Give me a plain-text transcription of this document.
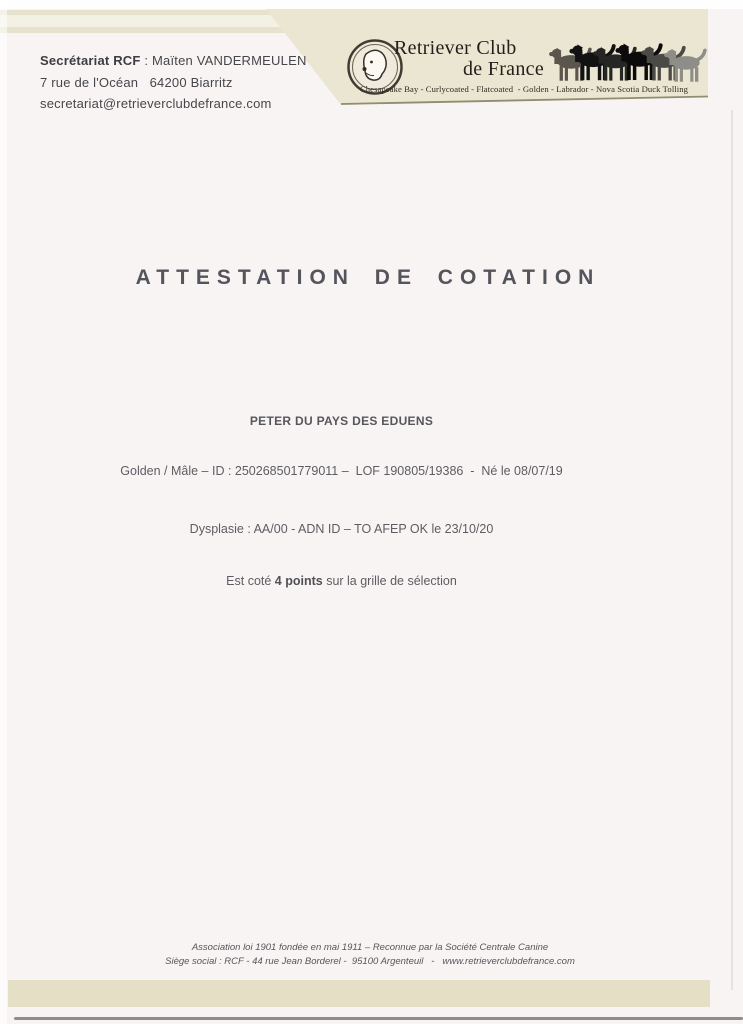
Secrétariat RCF : Maïten VANDERMEULEN
7 rue de l'Océan   64200 Biarritz
secretariat@retrieverclubdefrance.com
Retriever Club
de France
Chesapeake Bay - Curlycoated - Flatcoated  - Golden - Labrador - Nova Scotia Duck Tolling
ATTESTATION DE COTATION
PETER DU PAYS DES EDUENS
Golden / Mâle – ID : 250268501779011 –  LOF 190805/19386  -  Né le 08/07/19
Dysplasie : AA/00 - ADN ID – TO AFEP OK le 23/10/20
Est coté 4 points sur la grille de sélection
Association loi 1901 fondée en mai 1911 – Reconnue par la Société Centrale Canine
Siège social : RCF - 44 rue Jean Borderel -  95100 Argenteuil   -   www.retrieverclubdefrance.com
